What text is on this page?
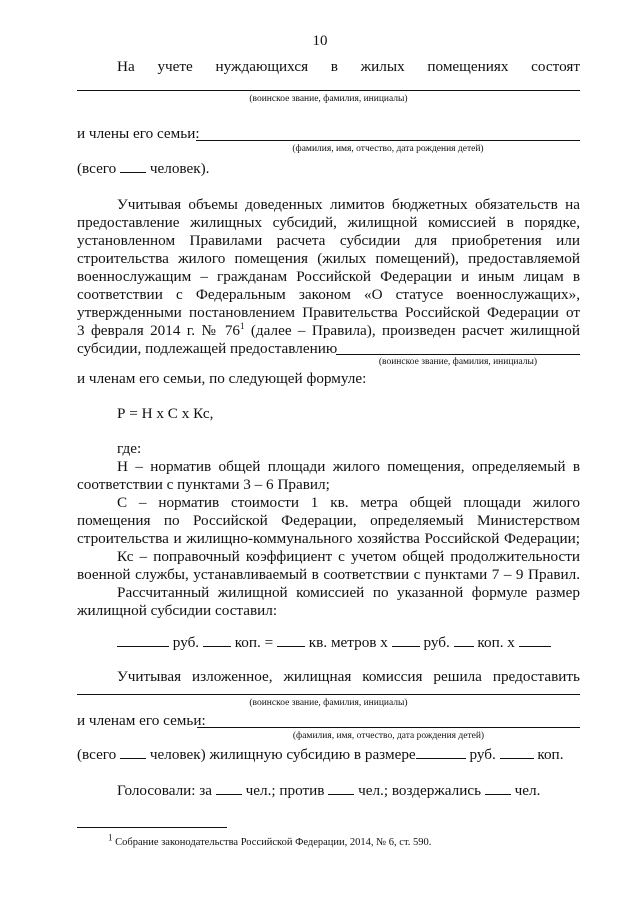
10
На учете нуждающихся в жилых помещениях состоят
(воинское звание, фамилия, инициалы)
и члены его семьи:
(фамилия, имя, отчество, дата рождения детей)
(всего человек).
Учитывая объемы доведенных лимитов бюджетных обязательств на
предоставление жилищных субсидий, жилищной комиссией в порядке,
установленном Правилами расчета субсидии для приобретения или
строительства жилого помещения (жилых помещений), предоставляемой
военнослужащим – гражданам Российской Федерации и иным лицам в
соответствии с Федеральным законом «О статусе военнослужащих»,
утвержденными постановлением Правительства Российской Федерации от
3 февраля 2014 г. № $76^1$ (далее – Правила), произведен расчет жилищной
субсидии, подлежащей предоставлению
(воинское звание, фамилия, инициалы)
и членам его семьи, по следующей формуле:
Р = Н х С х Кс,
где:
Н – норматив общей площади жилого помещения, определяемый в
соответствии с пунктами 3 – 6 Правил;
С – норматив стоимости 1 кв. метра общей площади жилого
помещения по Российской Федерации, определяемый Министерством
строительства и жилищно-коммунального хозяйства Российской Федерации;
Кс – поправочный коэффициент с учетом общей продолжительности
военной службы, устанавливаемый в соответствии с пунктами 7 – 9 Правил.
Рассчитанный жилищной комиссией по указанной формуле размер
жилищной субсидии составил:
руб. коп. = кв. метров х руб. коп. х
Учитывая изложенное, жилищная комиссия решила предоставить
(воинское звание, фамилия, инициалы)
и членам его семьи:
(фамилия, имя, отчество, дата рождения детей)
(всего человек) жилищную субсидию в размере	руб.	коп.
Голосовали: за чел.; против чел.; воздержались чел.
$^1$ Собрание законодательства Российской Федерации, 2014, № 6, ст. 590.
